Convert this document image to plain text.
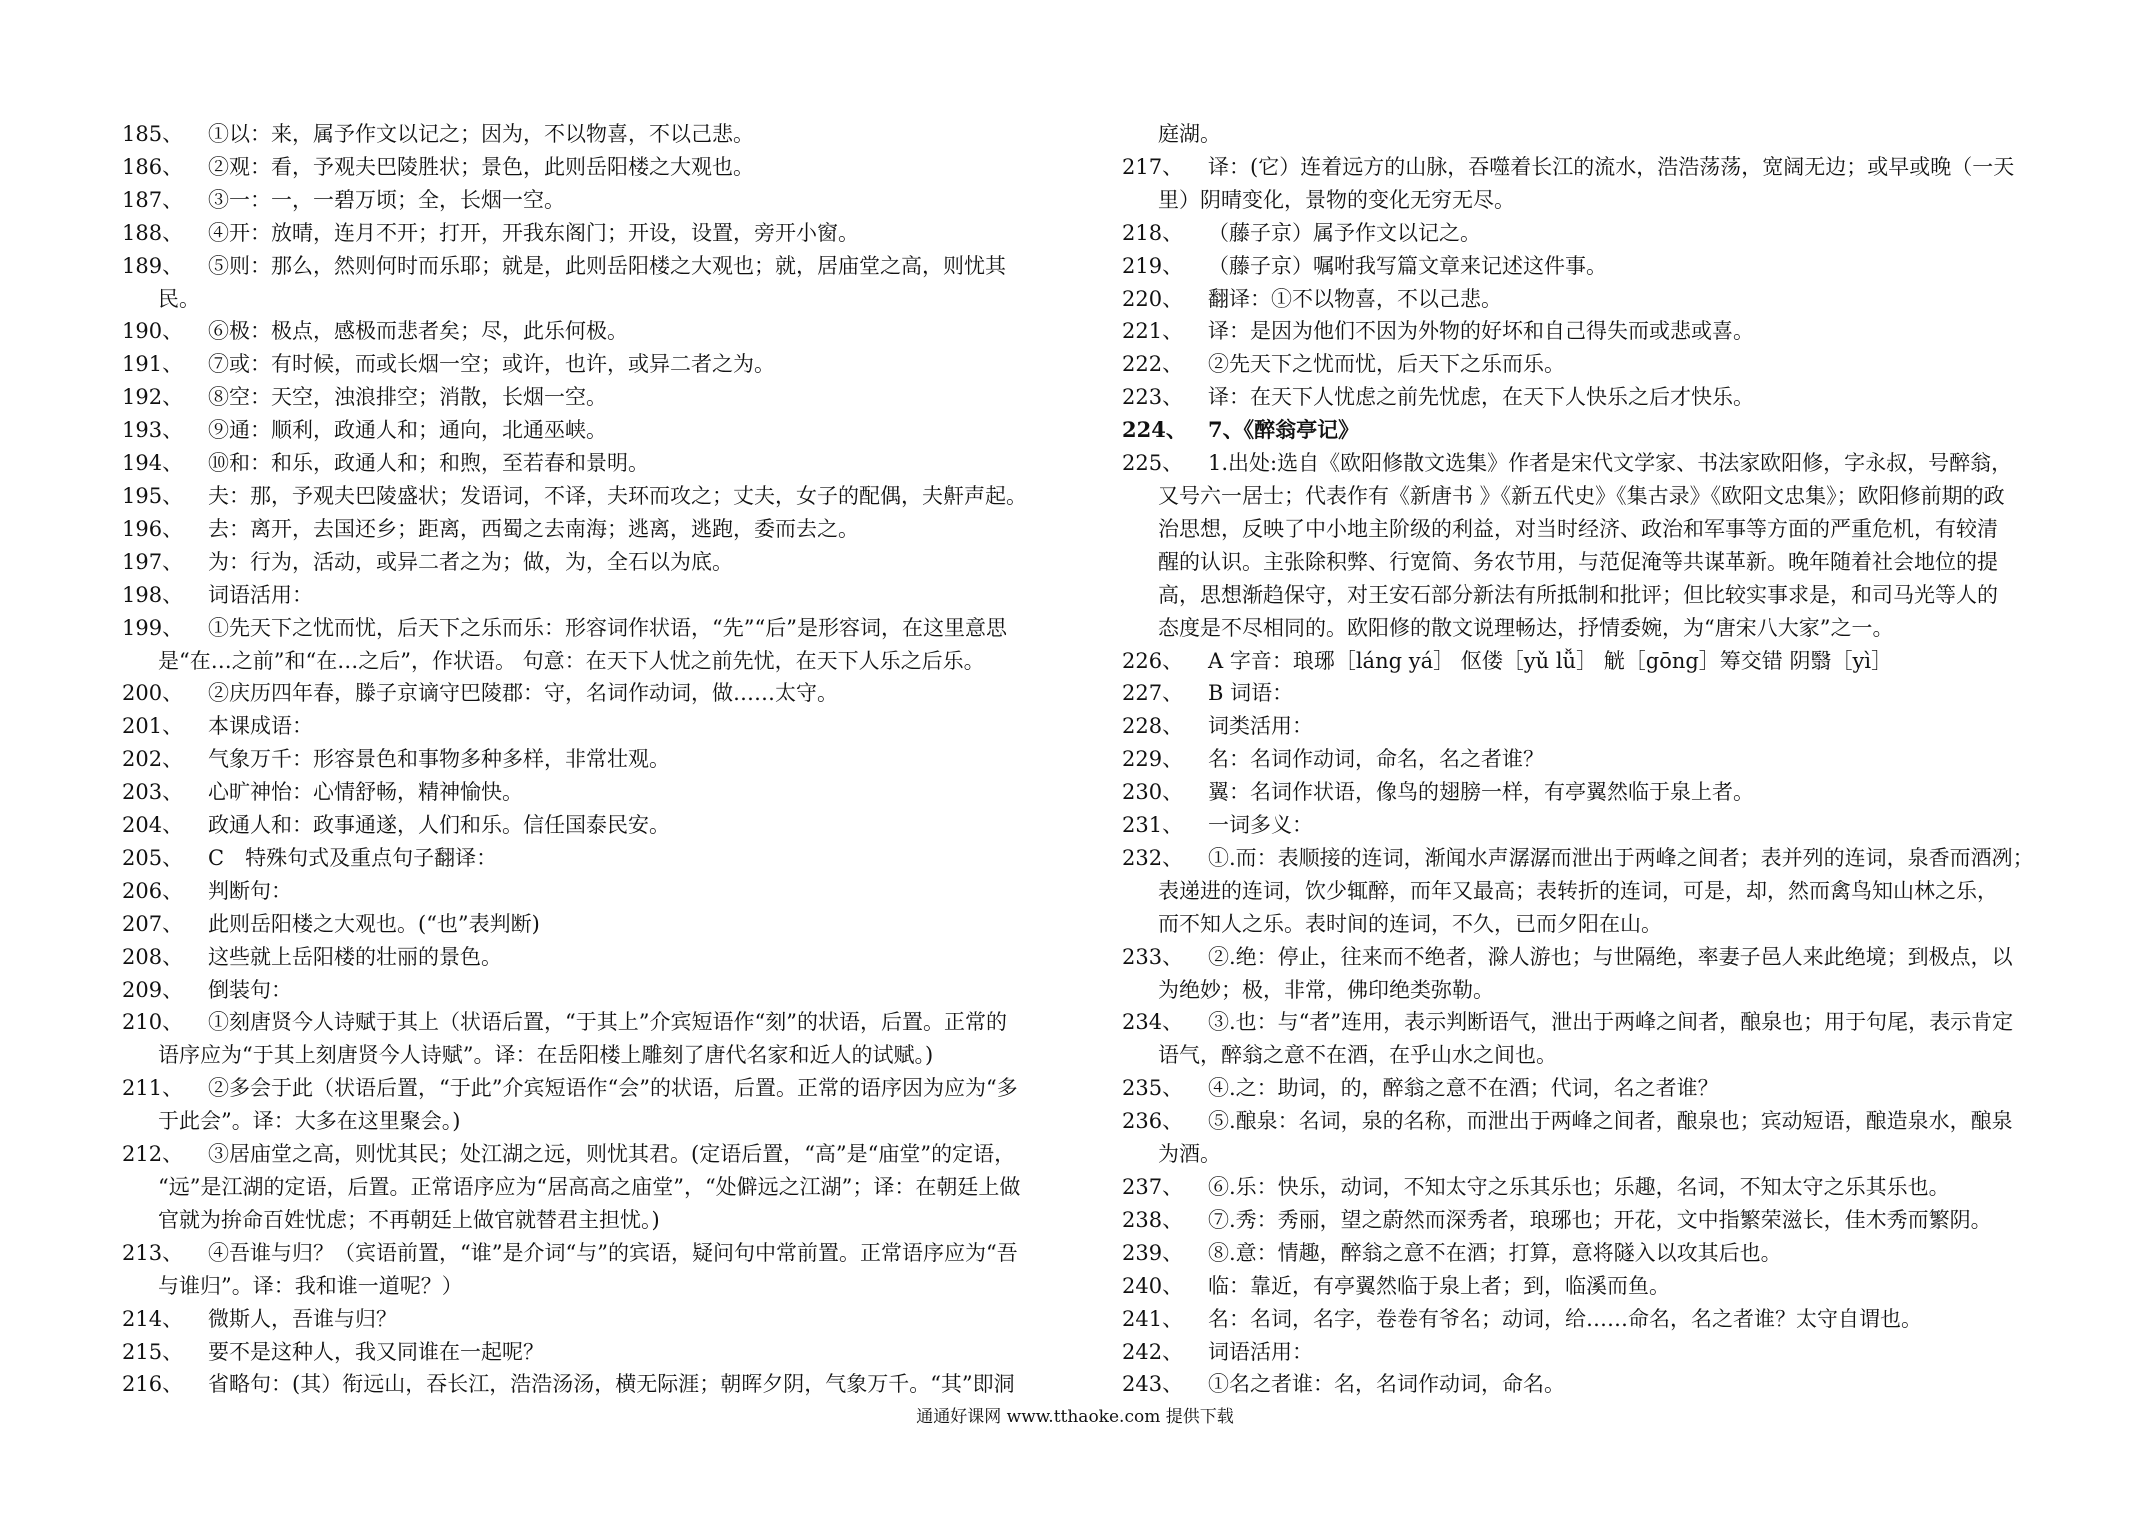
185、	①以：来，属予作文以记之；因为，不以物喜，不以己悲。
186、	②观：看，予观夫巴陵胜状；景色，此则岳阳楼之大观也。
187、	③一：一，一碧万顷；全，长烟一空。
188、	④开：放晴，连月不开；打开，开我东阁门；开设，设置，旁开小窗。
189、	⑤则：那么，然则何时而乐耶；就是，此则岳阳楼之大观也；就，居庙堂之高，则忧其
民。
190、	⑥极：极点，感极而悲者矣；尽，此乐何极。
191、	⑦或：有时候，而或长烟一空；或许，也许，或异二者之为。
192、	⑧空：天空，浊浪排空；消散，长烟一空。
193、	⑨通：顺利，政通人和；通向，北通巫峡。
194、	⑩和：和乐，政通人和；和煦，至若春和景明。
195、	夫：那，予观夫巴陵盛状；发语词，不译，夫环而攻之；丈夫，女子的配偶，夫鼾声起。
196、	去：离开，去国还乡；距离，西蜀之去南海；逃离，逃跑，委而去之。
197、	为：行为，活动，或异二者之为；做，为，全石以为底。
198、	词语活用：
199、	①先天下之忧而忧，后天下之乐而乐：形容词作状语，“先”“后”是形容词，在这里意思
是“在…之前”和“在…之后”，作状语。 句意：在天下人忧之前先忧，在天下人乐之后乐。
200、	②庆历四年春，滕子京谪守巴陵郡：守，名词作动词，做……太守。
201、	本课成语：
202、	气象万千：形容景色和事物多种多样，非常壮观。
203、	心旷神怡：心情舒畅，精神愉快。
204、	政通人和：政事通遂，人们和乐。信任国泰民安。
205、	C　特殊句式及重点句子翻译：
206、	判断句：
207、	此则岳阳楼之大观也。(“也”表判断)
208、	这些就上岳阳楼的壮丽的景色。
209、	倒装句：
210、	①刻唐贤今人诗赋于其上（状语后置，“于其上”介宾短语作“刻”的状语，后置。正常的
语序应为“于其上刻唐贤今人诗赋”。译：在岳阳楼上雕刻了唐代名家和近人的试赋。)
211、	②多会于此（状语后置，“于此”介宾短语作“会”的状语，后置。正常的语序因为应为“多
于此会”。译：大多在这里聚会。)
212、	③居庙堂之高，则忧其民；处江湖之远，则忧其君。(定语后置，“高”是“庙堂”的定语，
“远”是江湖的定语，后置。正常语序应为“居高高之庙堂”，“处僻远之江湖”；译：在朝廷上做
官就为拚命百姓忧虑；不再朝廷上做官就替君主担忧。)
213、	④吾谁与归？（宾语前置，“谁”是介词“与”的宾语，疑问句中常前置。正常语序应为“吾
与谁归”。译：我和谁一道呢？）
214、	微斯人，吾谁与归？
215、	要不是这种人，我又同谁在一起呢？
216、	省略句：(其）衔远山，吞长江，浩浩汤汤，横无际涯；朝晖夕阴，气象万千。“其”即洞
庭湖。
217、	译：(它）连着远方的山脉，吞噬着长江的流水，浩浩荡荡，宽阔无边；或早或晚（一天
里）阴晴变化，景物的变化无穷无尽。
218、	（藤子京）属予作文以记之。
219、	（藤子京）嘱咐我写篇文章来记述这件事。
220、	翻译：①不以物喜，不以己悲。
221、	译：是因为他们不因为外物的好坏和自己得失而或悲或喜。
222、	②先天下之忧而忧，后天下之乐而乐。
223、	译：在天下人忧虑之前先忧虑，在天下人快乐之后才快乐。
224、	7、《醉翁亭记》
225、	1.出处:选自《欧阳修散文选集》作者是宋代文学家、书法家欧阳修，字永叔，号醉翁，
又号六一居士；代表作有《新唐书 》《新五代史》《集古录》《欧阳文忠集》；欧阳修前期的政
治思想，反映了中小地主阶级的利益，对当时经济、政治和军事等方面的严重危机，有较清
醒的认识。主张除积弊、行宽简、务农节用，与范促淹等共谋革新。晚年随着社会地位的提
高，思想渐趋保守，对王安石部分新法有所抵制和批评；但比较实事求是，和司马光等人的
态度是不尽相同的。欧阳修的散文说理畅达，抒情委婉，为“唐宋八大家”之一。
226、	A 字音：琅琊［láng yá］ 伛偻［yǔ lǚ］ 觥［gōng］筹交错 阴翳［yì］
227、	B 词语：
228、	词类活用：
229、	名：名词作动词，命名，名之者谁？
230、	翼：名词作状语，像鸟的翅膀一样，有亭翼然临于泉上者。
231、	一词多义：
232、	①.而：表顺接的连词，渐闻水声潺潺而泄出于两峰之间者；表并列的连词，泉香而酒冽；
表递进的连词，饮少辄醉，而年又最高；表转折的连词，可是，却，然而禽鸟知山林之乐，
而不知人之乐。表时间的连词，不久，已而夕阳在山。
233、	②.绝：停止，往来而不绝者，滁人游也；与世隔绝，率妻子邑人来此绝境；到极点，以
为绝妙；极，非常，佛印绝类弥勒。
234、	③.也：与“者”连用，表示判断语气，泄出于两峰之间者，酿泉也；用于句尾，表示肯定
语气，醉翁之意不在酒，在乎山水之间也。
235、	④.之：助词，的，醉翁之意不在酒；代词，名之者谁？
236、	⑤.酿泉：名词，泉的名称，而泄出于两峰之间者，酿泉也；宾动短语，酿造泉水，酿泉
为酒。
237、	⑥.乐：快乐，动词，不知太守之乐其乐也；乐趣，名词，不知太守之乐其乐也。
238、	⑦.秀：秀丽，望之蔚然而深秀者，琅琊也；开花，文中指繁荣滋长，佳木秀而繁阴。
239、	⑧.意：情趣，醉翁之意不在酒；打算，意将隧入以攻其后也。
240、	临：靠近，有亭翼然临于泉上者；到，临溪而鱼。
241、	名：名词，名字，卷卷有爷名；动词，给……命名，名之者谁？太守自谓也。
242、	词语活用：
243、	①名之者谁：名，名词作动词，命名。
通通好课网 www.tthaoke.com 提供下载
